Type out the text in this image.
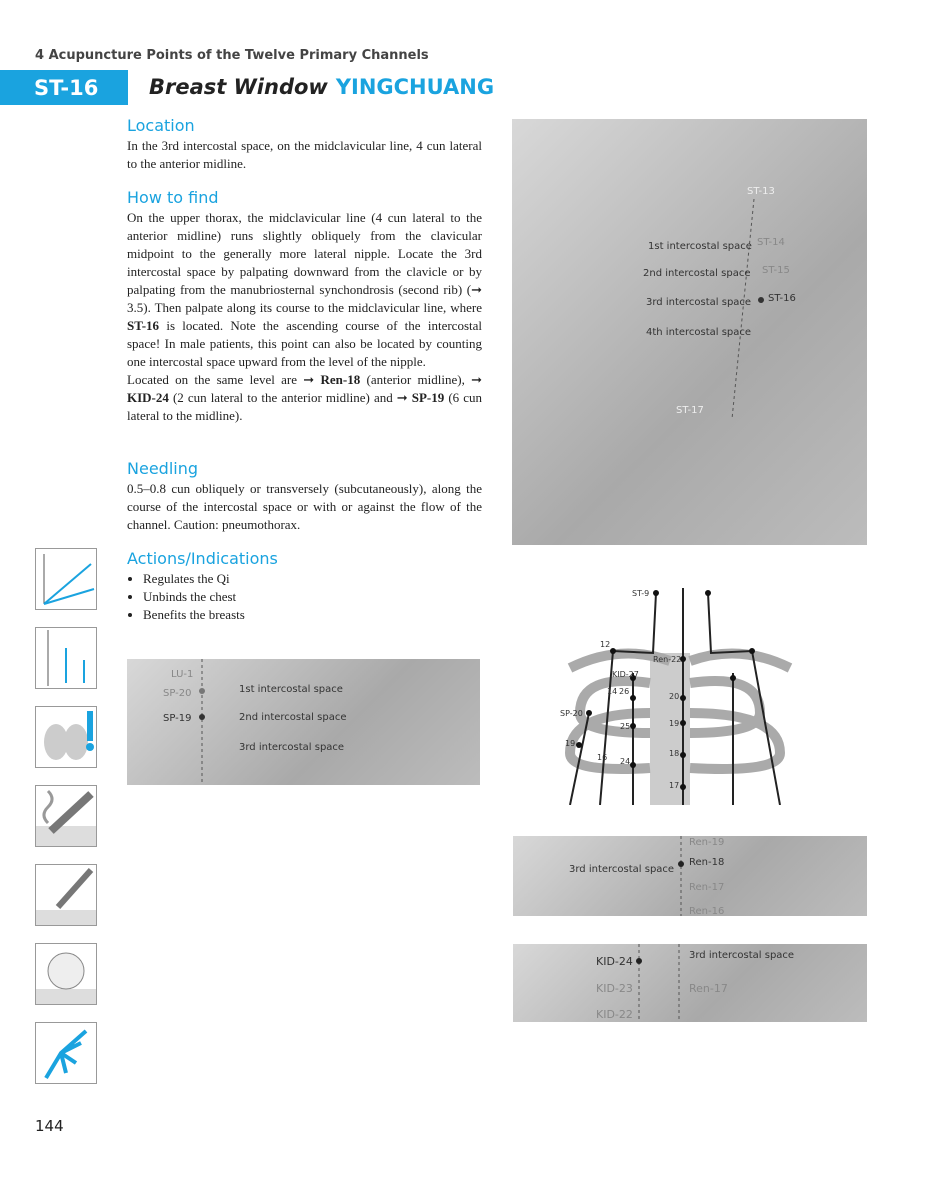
4 Acupuncture Points of the Twelve Primary Channels
ST-16	Breast Window YINGCHUANG
Location

In the 3rd intercostal space, on the midclavicular line, 4 cun lateral to the anterior midline.

How to find

On the upper thorax, the midclavicular line (4 cun lateral to the anterior midline) runs slightly obliquely from the clavicular midpoint to the generally more lateral nipple. Locate the 3rd intercostal space by palpating downward from the clavicle or by palpating from the manubriosternal synchondrosis (second rib) (➞ 3.5). Then palpate along its course to the midclavicular line, where ST-16 is located. Note the ascending course of the intercostal space! In male patients, this point can also be located by counting one intercostal space upward from the level of the nipple.

Located on the same level are ➞ Ren-18 (anterior midline), ➞ KID-24 (2 cun lateral to the anterior midline) and ➞ SP-19 (6 cun lateral to the midline).

Needling

0.5–0.8 cun obliquely or transversely (subcutaneously), along the course of the intercostal space or with or against the flow of the channel. Caution: pneumothorax.

Actions/Indications
• Regulates the Qi
• Unbinds the chest
• Benefits the breasts
ST-13
1st intercostal space ST-14
2nd intercostal space ST-15
3rd intercostal space ST-16
4th intercostal space
ST-17
LU-1
SP-20
SP-19
1st intercostal space
2nd intercostal space
3rd intercostal space
ST-9
12
Ren-22
KID-27
14 26
20
SP-20
25	19
19
16 24
18
17
Ren-19
Ren-18
3rd intercostal space
Ren-17
Ren-16
KID-24	3rd intercostal space
KID-23	Ren-17
KID-22
144
